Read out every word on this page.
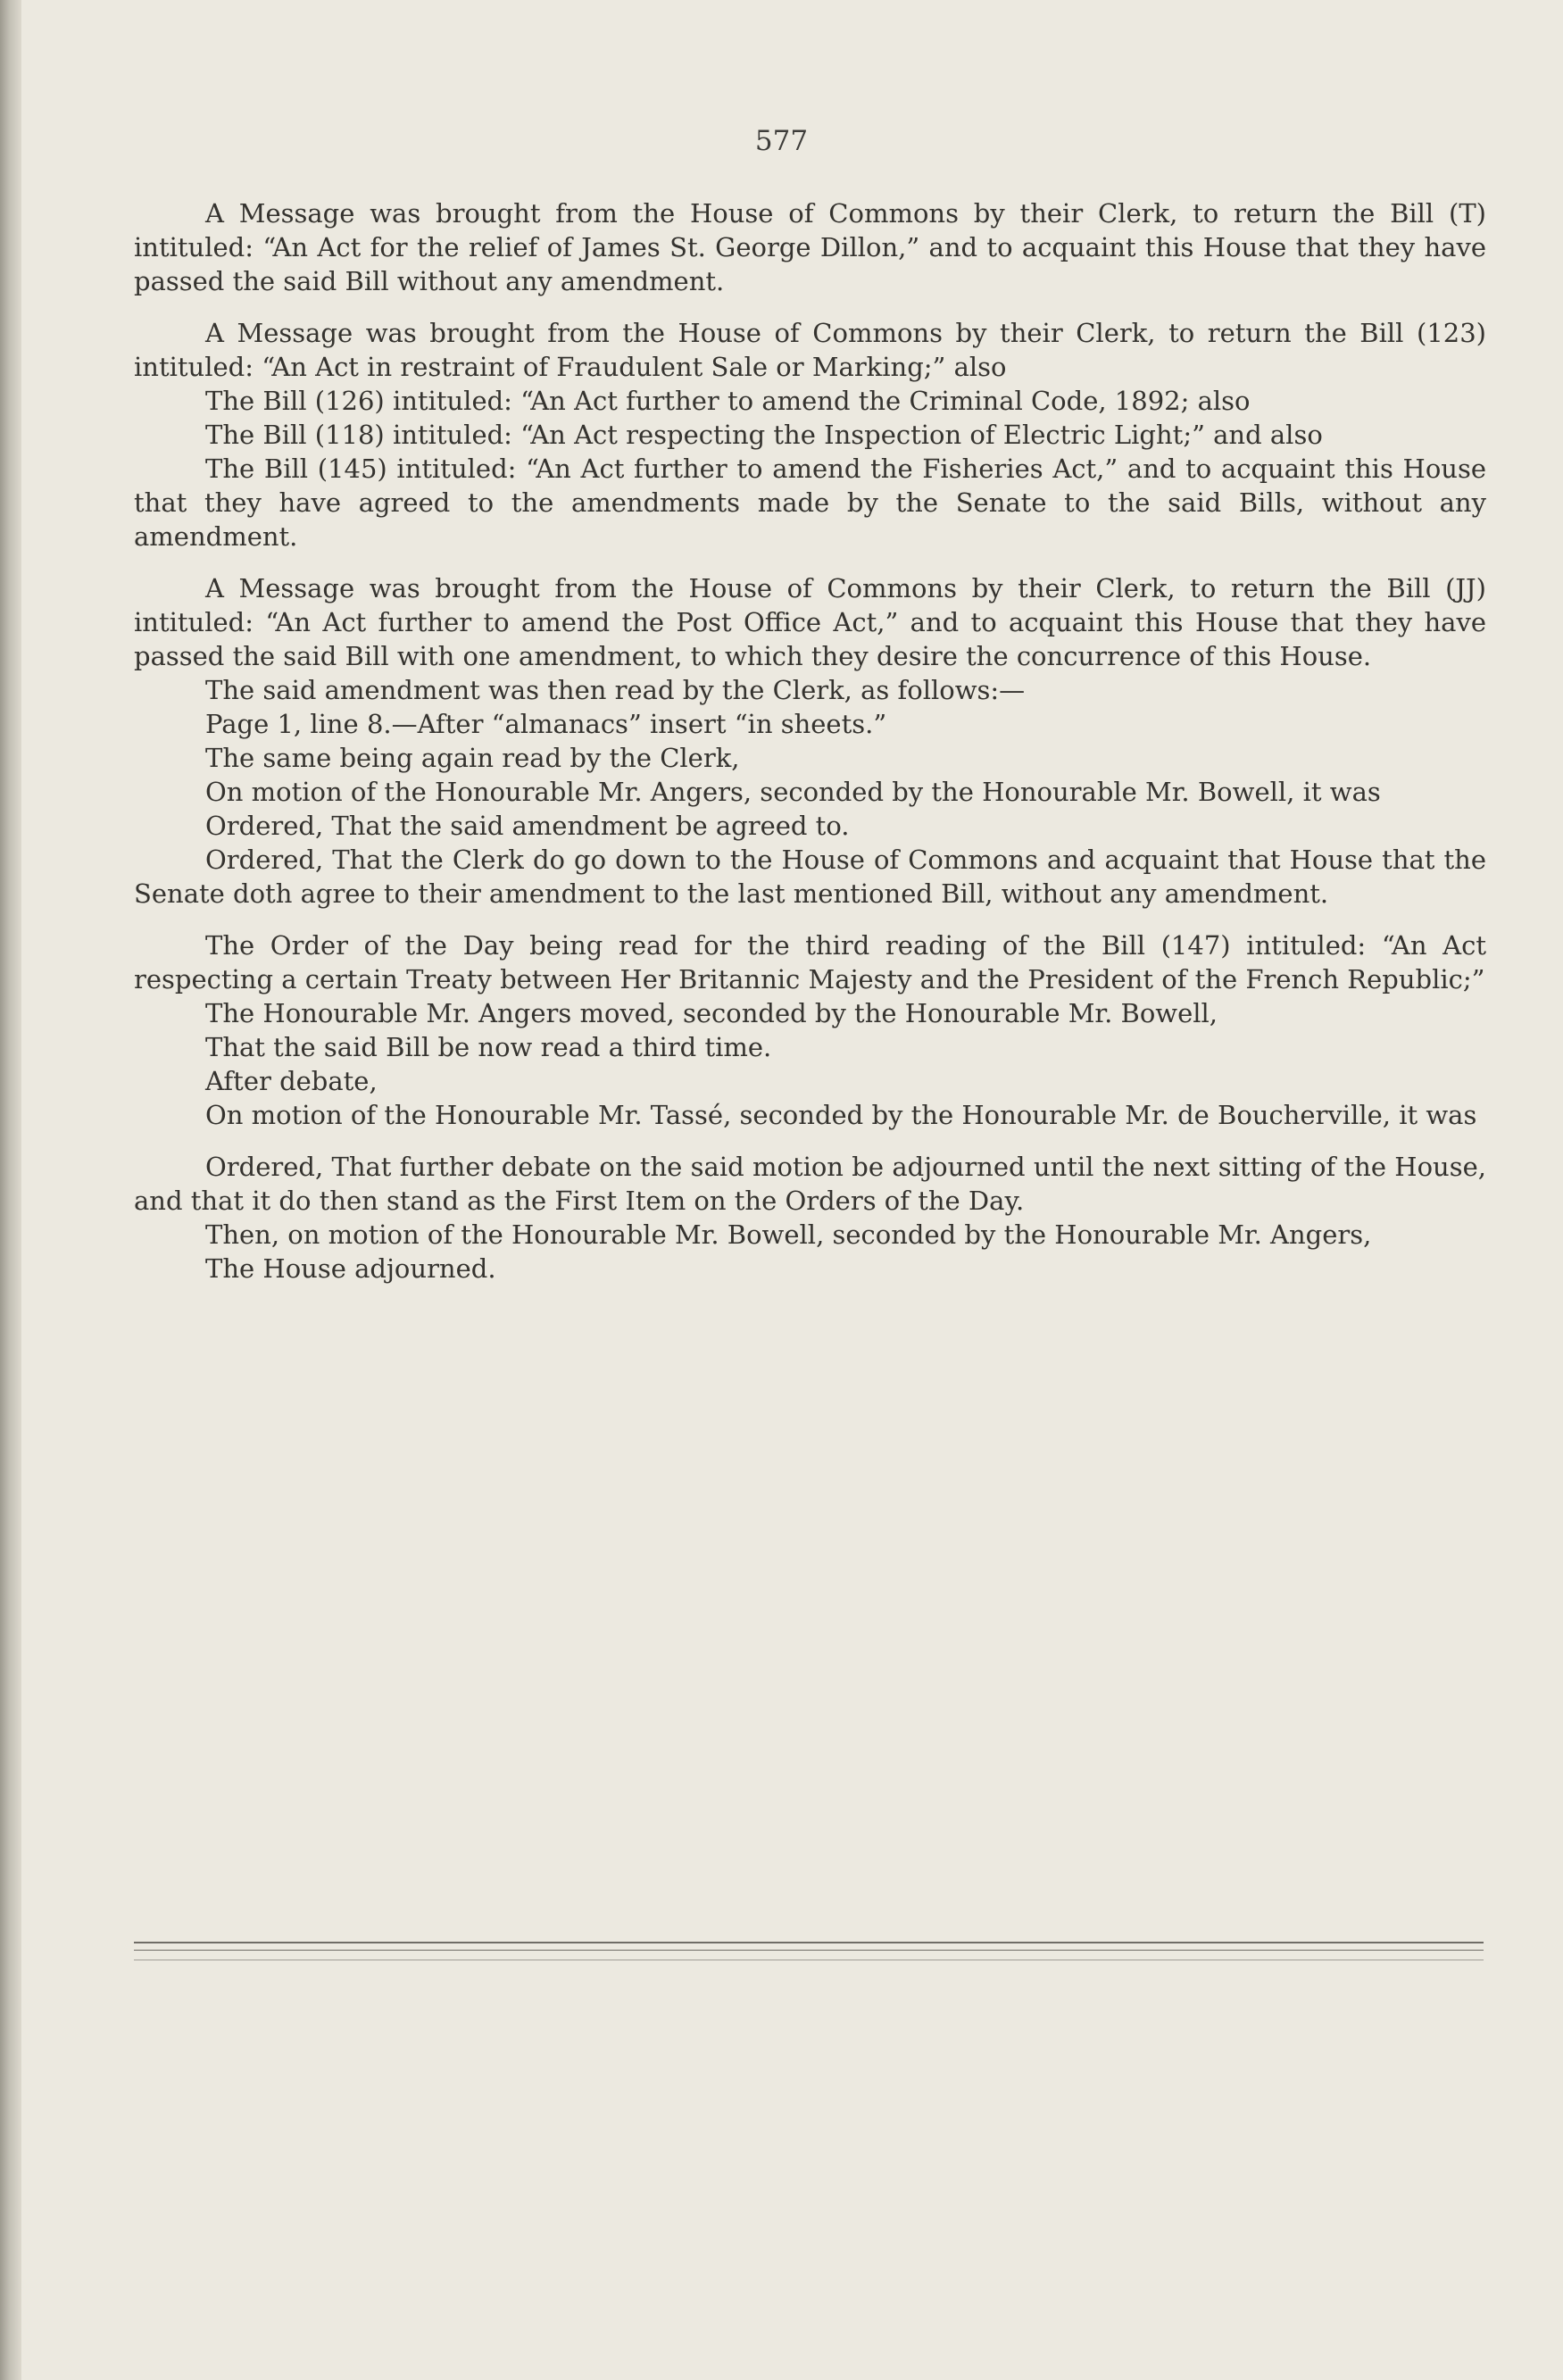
577

A Message was brought from the House of Commons by their Clerk, to return the Bill (T) intituled: “An Act for the relief of James St. George Dillon,” and to acquaint this House that they have passed the said Bill without any amendment.

A Message was brought from the House of Commons by their Clerk, to return the Bill (123) intituled: “An Act in restraint of Fraudulent Sale or Marking;” also

The Bill (126) intituled: “An Act further to amend the Criminal Code, 1892; also

The Bill (118) intituled: “An Act respecting the Inspection of Electric Light;” and also

The Bill (145) intituled: “An Act further to amend the Fisheries Act,” and to acquaint this House that they have agreed to the amendments made by the Senate to the said Bills, without any amendment.

A Message was brought from the House of Commons by their Clerk, to return the Bill (JJ) intituled: “An Act further to amend the Post Office Act,” and to acquaint this House that they have passed the said Bill with one amendment, to which they desire the concurrence of this House.

The said amendment was then read by the Clerk, as follows:—

Page 1, line 8.—After “almanacs” insert “in sheets.”

The same being again read by the Clerk,

On motion of the Honourable Mr. Angers, seconded by the Honourable Mr. Bowell, it was

Ordered, That the said amendment be agreed to.

Ordered, That the Clerk do go down to the House of Commons and acquaint that House that the Senate doth agree to their amendment to the last mentioned Bill, without any amendment.

The Order of the Day being read for the third reading of the Bill (147) intituled: “An Act respecting a certain Treaty between Her Britannic Majesty and the President of the French Republic;”

The Honourable Mr. Angers moved, seconded by the Honourable Mr. Bowell,

That the said Bill be now read a third time.

After debate,

On motion of the Honourable Mr. Tassé, seconded by the Honourable Mr. de Boucherville, it was

Ordered, That further debate on the said motion be adjourned until the next sitting of the House, and that it do then stand as the First Item on the Orders of the Day.

Then, on motion of the Honourable Mr. Bowell, seconded by the Honourable Mr. Angers,

The House adjourned.
